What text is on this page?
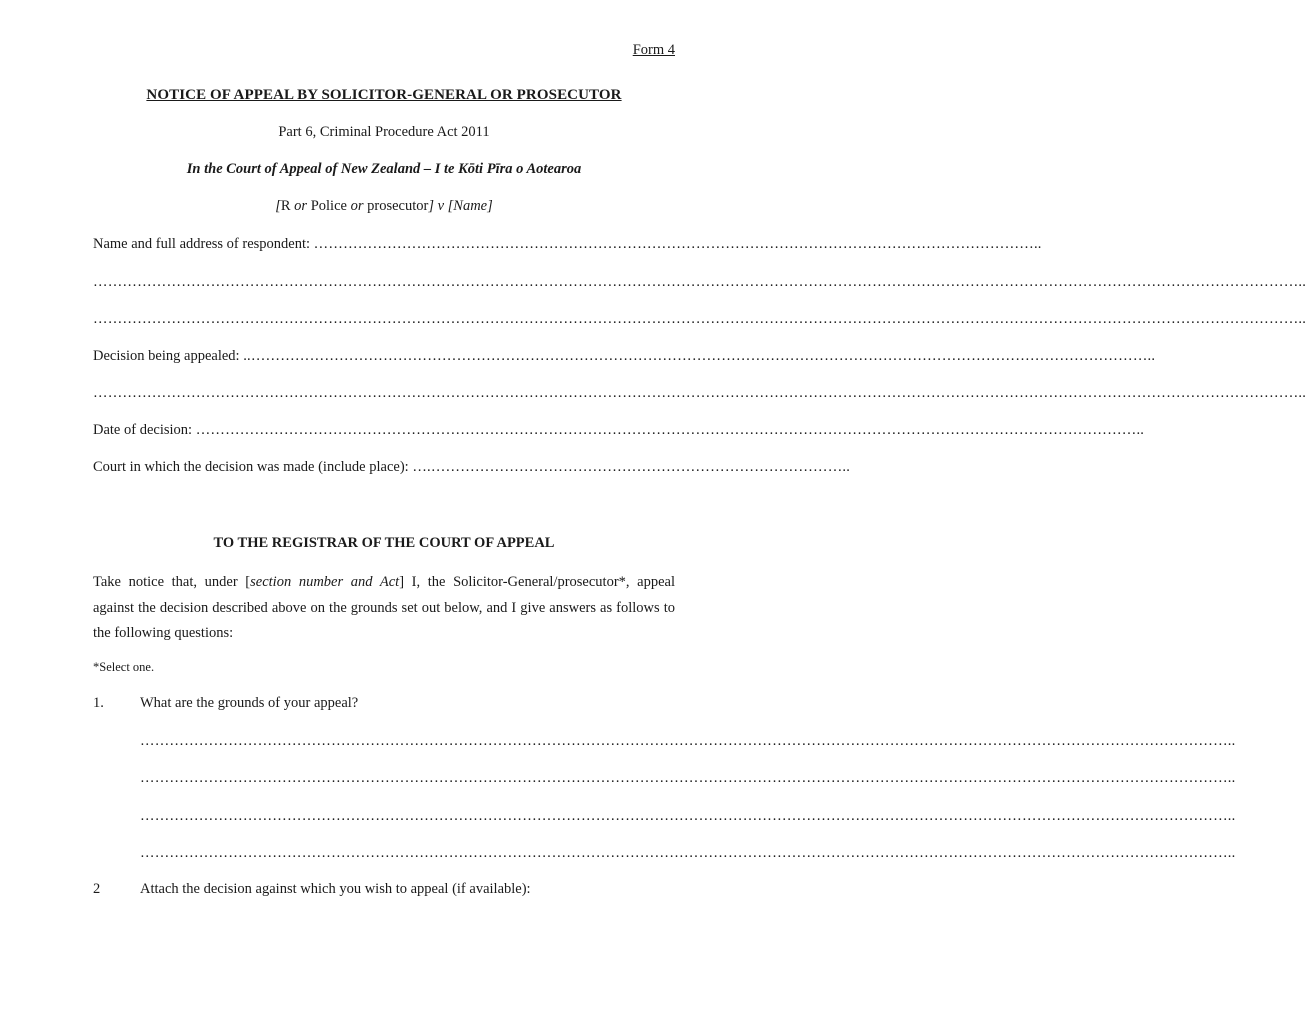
Form 4
NOTICE OF APPEAL BY SOLICITOR-GENERAL OR PROSECUTOR
Part 6, Criminal Procedure Act 2011
In the Court of Appeal of New Zealand – I te Kōti Pīra o Aotearoa
[R or Police or prosecutor] v [Name]
Name and full address of respondent: …………………………………………………………………………………………………………………………………..
…………………………………………………………………………………………………………………………………………………………………………………………………………………………..
…………………………………………………………………………………………………………………………………………………………………………………………………………………………..
Decision being appealed: ..…………………………………………………………………………………………………………………………………………………………………..
…………………………………………………………………………………………………………………………………………………………………………………………………………………………..
Date of decision: …………………………………………………………………………………………………………………………………………………………………………..
Court in which the decision was made (include place): ….…………………………………………………………………………..
TO THE REGISTRAR OF THE COURT OF APPEAL
Take notice that, under [section number and Act] I, the Solicitor-General/prosecutor*, appeal against the decision described above on the grounds set out below, and I give answers as follows to the following questions:
*Select one.
1. What are the grounds of your appeal?
……………………………………………………………………………………………………………………………………………………………………………………………………..
……………………………………………………………………………………………………………………………………………………………………………………………………..
……………………………………………………………………………………………………………………………………………………………………………………………………..
……………………………………………………………………………………………………………………………………………………………………………………………………..
2	Attach the decision against which you wish to appeal (if available):
